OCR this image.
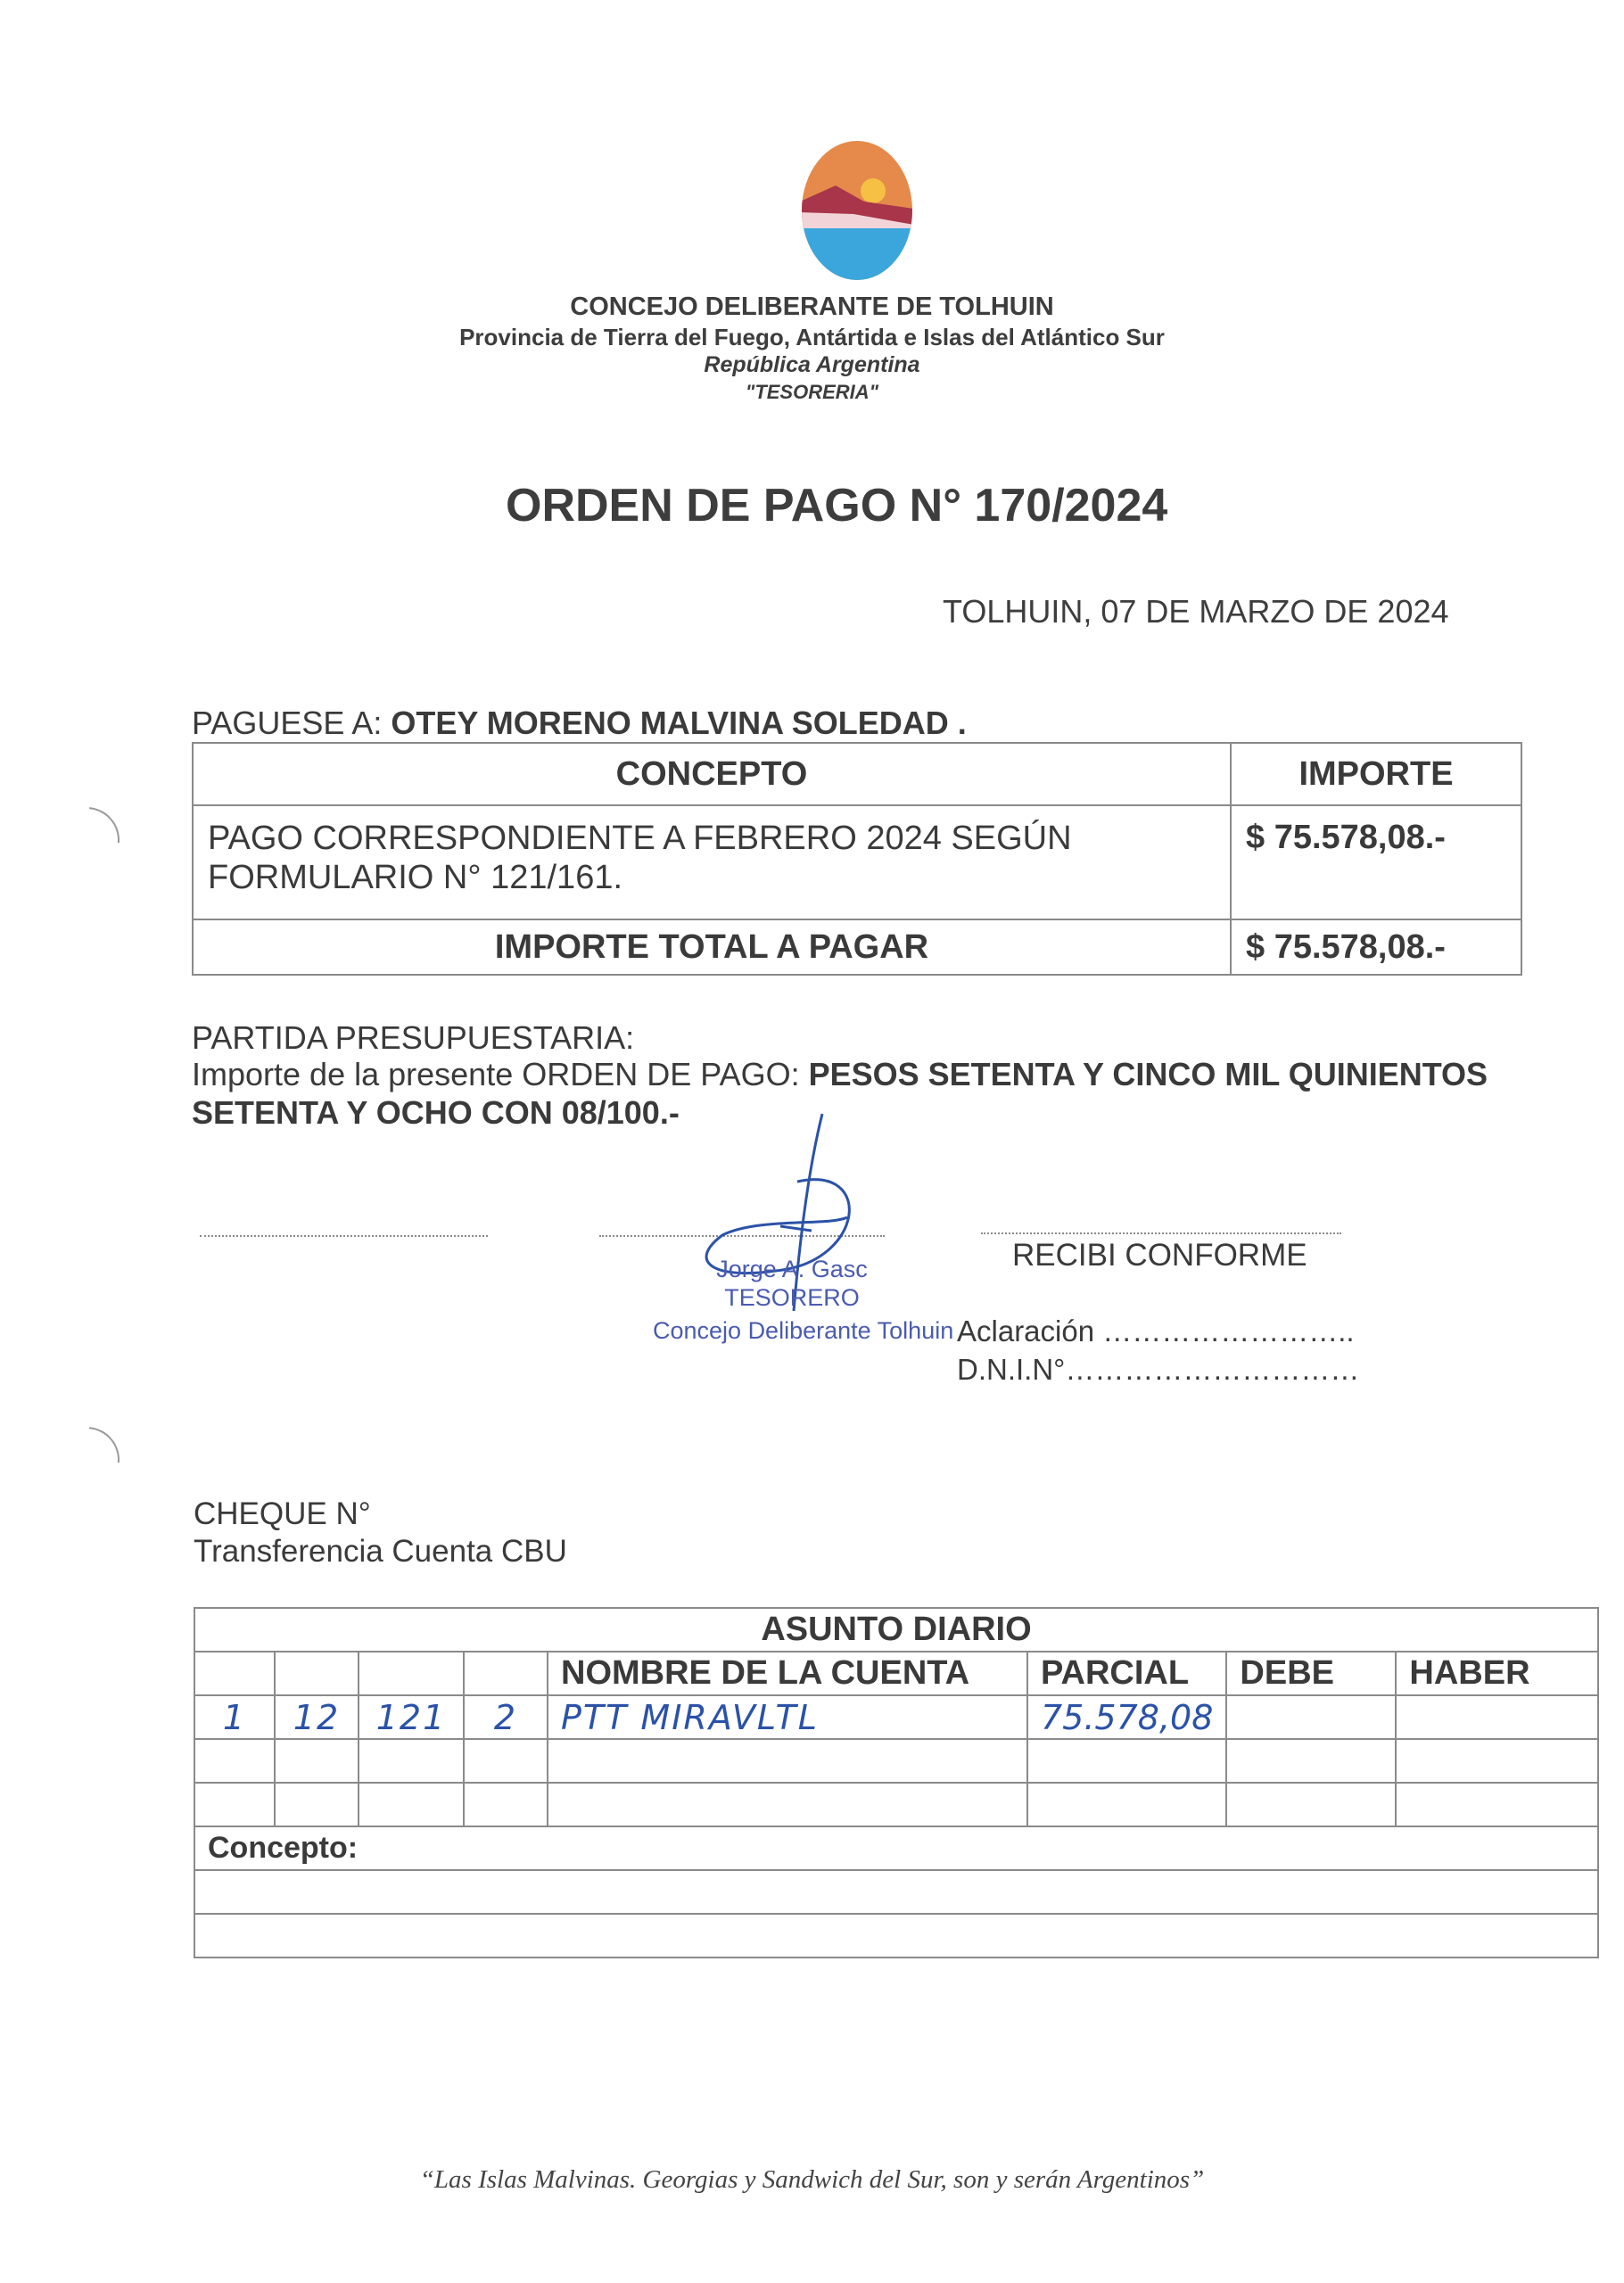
CONCEJO DELIBERANTE DE TOLHUIN
Provincia de Tierra del Fuego, Antártida e Islas del Atlántico Sur
República Argentina
"TESORERIA"
ORDEN DE PAGO N° 170/2024
TOLHUIN, 07 DE MARZO DE 2024
PAGUESE A: OTEY MORENO MALVINA SOLEDAD .
CONCEPTO	IMPORTE
PAGO CORRESPONDIENTE A FEBRERO 2024 SEGÚN FORMULARIO N° 121/161.	$ 75.578,08.-
IMPORTE TOTAL A PAGAR	$ 75.578,08.-
PARTIDA PRESUPUESTARIA:
Importe de la presente ORDEN DE PAGO: PESOS SETENTA Y CINCO MIL QUINIENTOS SETENTA Y OCHO CON 08/100.-
Jorge A. Gasc
TESORERO
Concejo Deliberante Tolhuin
RECIBI CONFORME
Aclaración ……………………..
D.N.I.N°…………………………
CHEQUE N°
Transferencia Cuenta CBU
ASUNTO DIARIO							
				NOMBRE DE LA CUENTA	PARCIAL	DEBE	HABER
1	12	121	2	PTT MIRAVLTL	75.578,08		

Concepto:							

“Las Islas Malvinas. Georgias y Sandwich del Sur, son y serán Argentinos”
